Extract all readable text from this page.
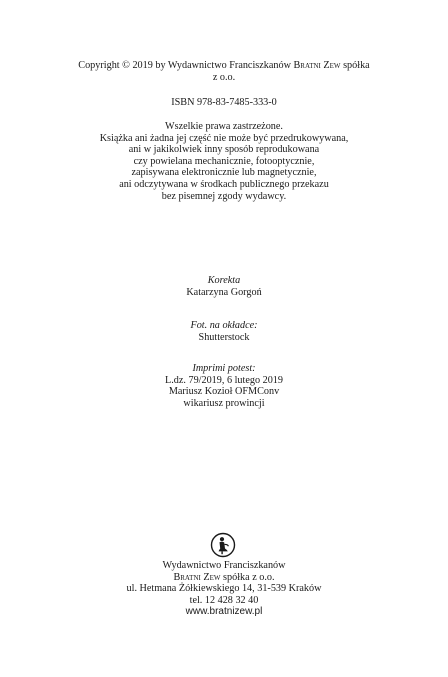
Copyright © 2019 by Wydawnictwo Franciszkanów Bratni Zew spółka
z o.o.
ISBN 978-83-7485-333-0
Wszelkie prawa zastrzeżone.
Książka ani żadna jej część nie może być przedrukowywana,
ani w jakikolwiek inny sposób reprodukowana
czy powielana mechanicznie, fotooptycznie,
zapisywana elektronicznie lub magnetycznie,
ani odczytywana w środkach publicznego przekazu
bez pisemnej zgody wydawcy.
Korekta
Katarzyna Gorgoń
Fot. na okładce:
Shutterstock
Imprimi potest:
L.dz. 79/2019, 6 lutego 2019
Mariusz Kozioł OFMConv
wikariusz prowincji
Wydawnictwo Franciszkanów
Bratni Zew spółka z o.o.
ul. Hetmana Żółkiewskiego 14, 31-539 Kraków
tel. 12 428 32 40
www.bratnizew.pl
